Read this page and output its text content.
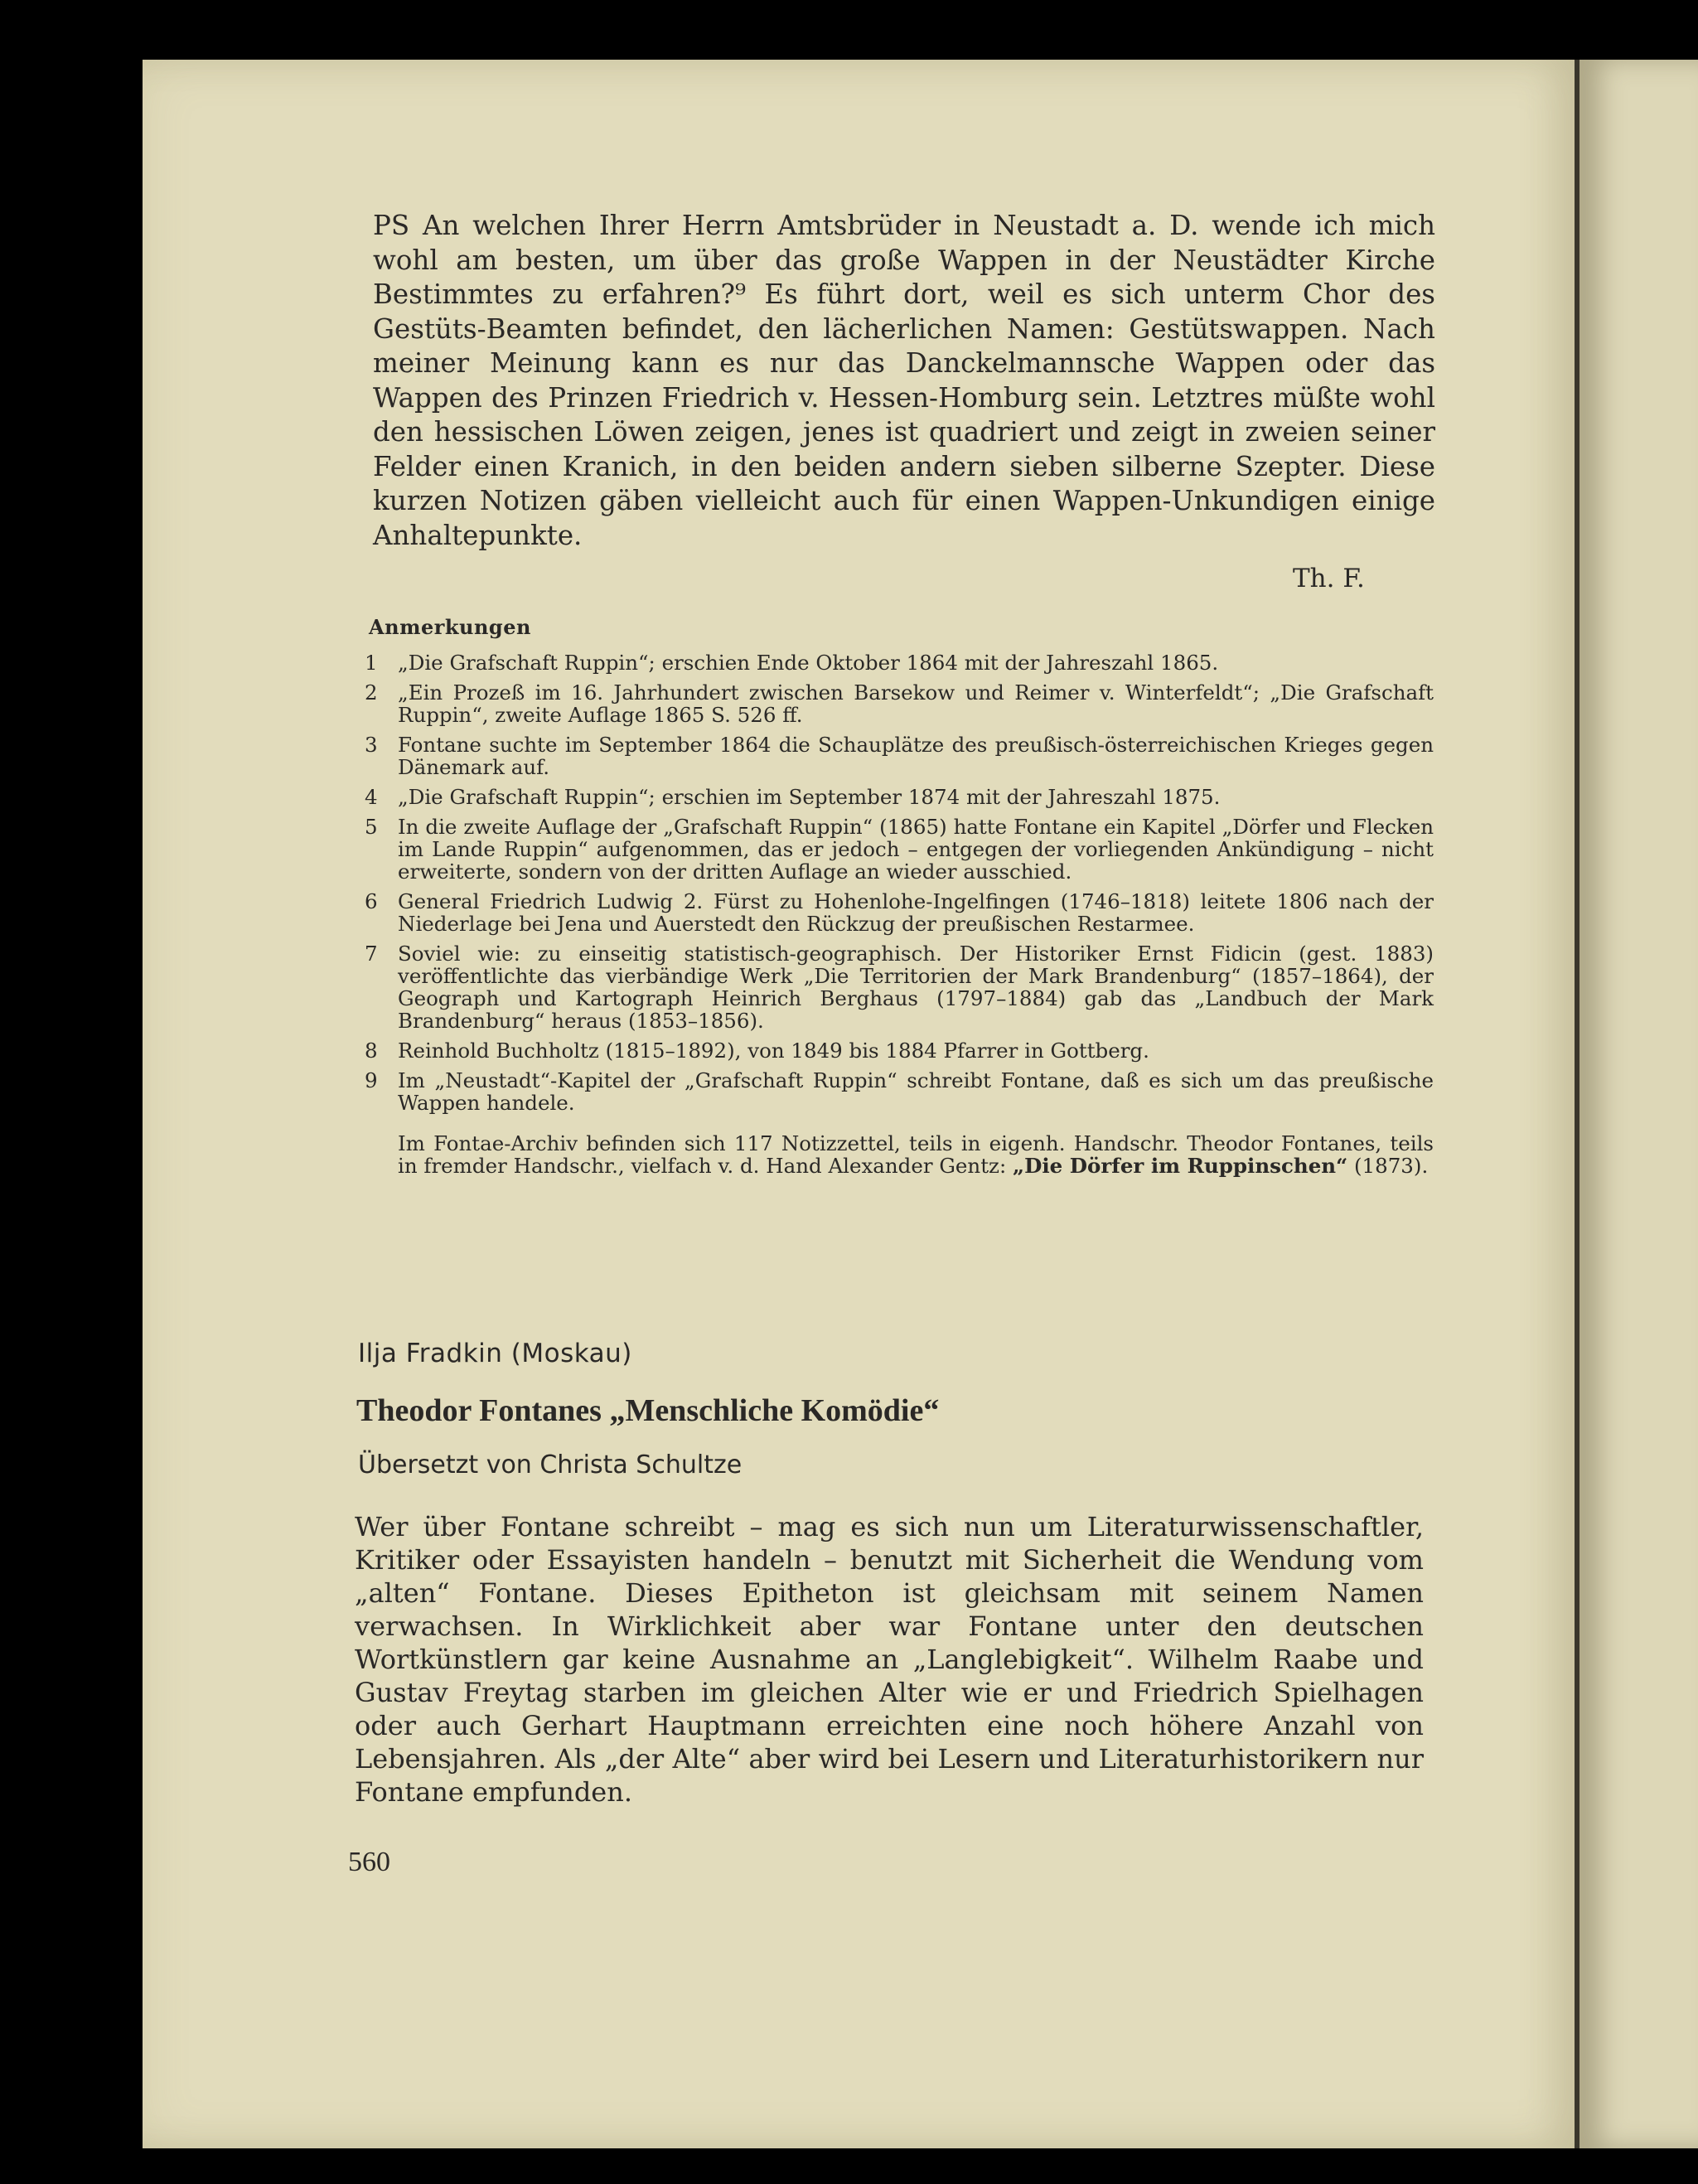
PS An welchen Ihrer Herrn Amtsbrüder in Neustadt a. D. wende ich mich wohl am besten, um über das große Wappen in der Neustädter Kirche Bestimmtes zu erfahren?⁹ Es führt dort, weil es sich unterm Chor des Gestüts-Beamten befindet, den lächerlichen Namen: Gestütswappen. Nach meiner Meinung kann es nur das Danckelmannsche Wappen oder das Wappen des Prinzen Friedrich v. Hessen-Homburg sein. Letztres müßte wohl den hessischen Löwen zeigen, jenes ist quadriert und zeigt in zweien seiner Felder einen Kranich, in den beiden andern sieben silberne Szepter. Diese kurzen Notizen gäben vielleicht auch für einen Wappen-Unkundigen einige Anhaltepunkte.

Th. F.
Anmerkungen
1 „Die Grafschaft Ruppin“; erschien Ende Oktober 1864 mit der Jahreszahl 1865.
2 „Ein Prozeß im 16. Jahrhundert zwischen Barsekow und Reimer v. Winterfeldt“; „Die Grafschaft Ruppin“, zweite Auflage 1865 S. 526 ff.
3 Fontane suchte im September 1864 die Schauplätze des preußisch-österreichischen Krieges gegen Dänemark auf.
4 „Die Grafschaft Ruppin“; erschien im September 1874 mit der Jahreszahl 1875.
5 In die zweite Auflage der „Grafschaft Ruppin“ (1865) hatte Fontane ein Kapitel „Dörfer und Flecken im Lande Ruppin“ aufgenommen, das er jedoch – entgegen der vorliegenden Ankündigung – nicht erweiterte, sondern von der dritten Auflage an wieder ausschied.
6 General Friedrich Ludwig 2. Fürst zu Hohenlohe-Ingelfingen (1746–1818) leitete 1806 nach der Niederlage bei Jena und Auerstedt den Rückzug der preußischen Restarmee.
7 Soviel wie: zu einseitig statistisch-geographisch. Der Historiker Ernst Fidicin (gest. 1883) veröffentlichte das vierbändige Werk „Die Territorien der Mark Brandenburg“ (1857–1864), der Geograph und Kartograph Heinrich Berghaus (1797–1884) gab das „Landbuch der Mark Brandenburg“ heraus (1853–1856).
8 Reinhold Buchholtz (1815–1892), von 1849 bis 1884 Pfarrer in Gottberg.
9 Im „Neustadt“-Kapitel der „Grafschaft Ruppin“ schreibt Fontane, daß es sich um das preußische Wappen handele.
Im Fontae-Archiv befinden sich 117 Notizzettel, teils in eigenh. Handschr. Theodor Fontanes, teils in fremder Handschr., vielfach v. d. Hand Alexander Gentz: „Die Dörfer im Ruppinschen“ (1873).
Ilja Fradkin (Moskau)
Theodor Fontanes „Menschliche Komödie“
Übersetzt von Christa Schultze

Wer über Fontane schreibt – mag es sich nun um Literaturwissenschaftler, Kritiker oder Essayisten handeln – benutzt mit Sicherheit die Wendung vom „alten“ Fontane. Dieses Epitheton ist gleichsam mit seinem Namen verwachsen. In Wirklichkeit aber war Fontane unter den deutschen Wortkünstlern gar keine Ausnahme an „Langlebigkeit“. Wilhelm Raabe und Gustav Freytag starben im gleichen Alter wie er und Friedrich Spielhagen oder auch Gerhart Hauptmann erreichten eine noch höhere Anzahl von Lebensjahren. Als „der Alte“ aber wird bei Lesern und Literaturhistorikern nur Fontane empfunden.

560
